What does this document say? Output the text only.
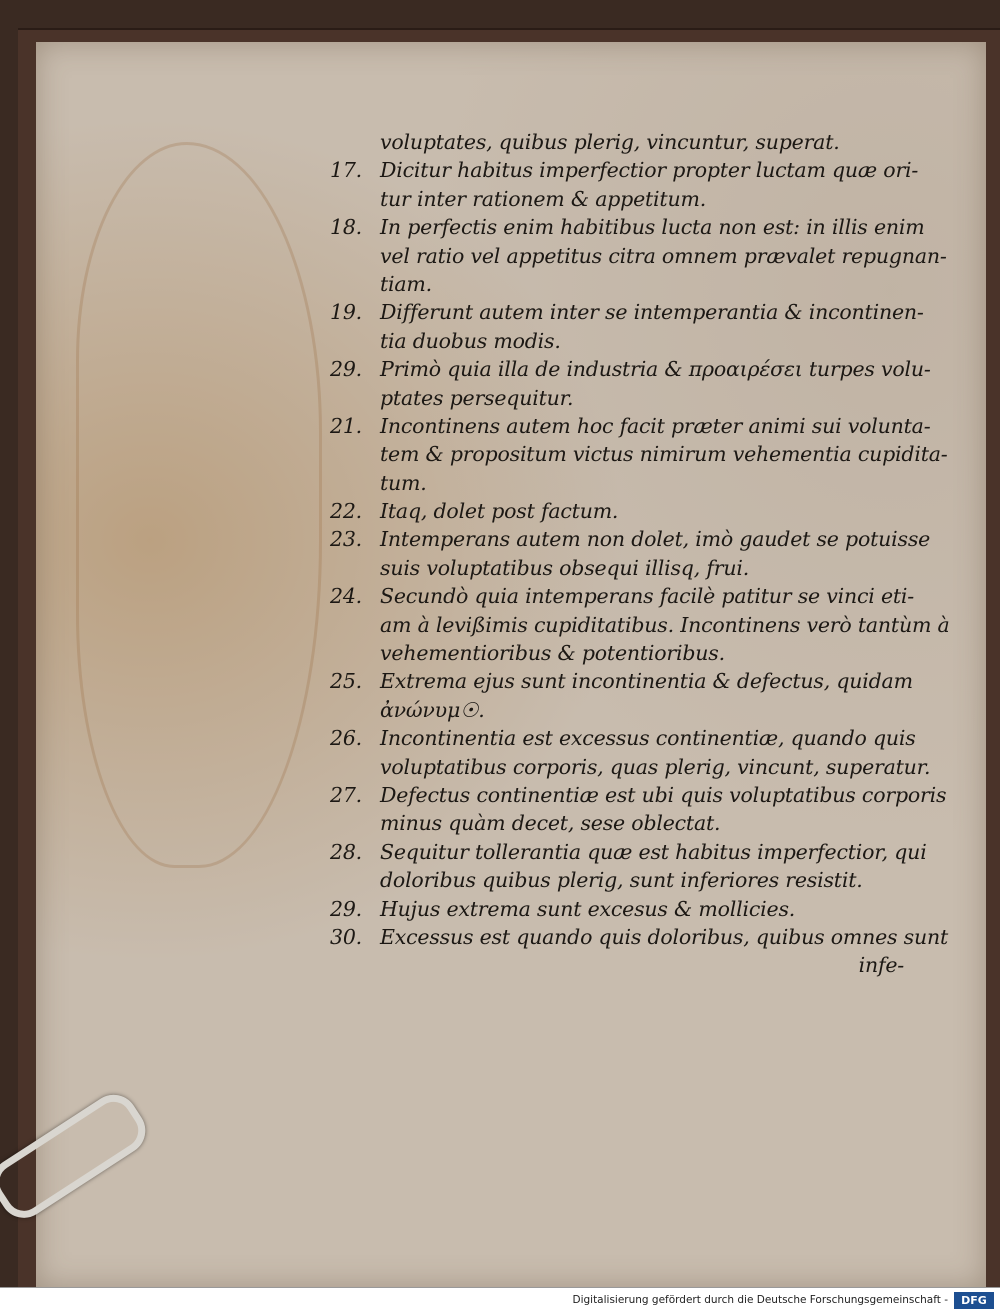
voluptates, quibus plerig, vincuntur, superat.
17. Dicitur habitus imperfectior propter luctam quæ ori-
tur inter rationem & appetitum.
18. In perfectis enim habitibus lucta non est: in illis enim
vel ratio vel appetitus citra omnem prævalet repugnan-
tiam.
19. Differunt autem inter se intemperantia & incontinen-
tia duobus modis.
29. Primò quia illa de industria & προαιρέσει turpes volu-
ptates persequitur.
21. Incontinens autem hoc facit præter animi sui volunta-
tem & propositum victus nimirum vehementia cupidita-
tum.
22. Itaq, dolet post factum.
23. Intemperans autem non dolet, imò gaudet se potuisse
suis voluptatibus obsequi illisq, frui.
24. Secundò quia intemperans facilè patitur se vinci eti-
am à levißimis cupiditatibus. Incontinens verò tantùm à
vehementioribus & potentioribus.
25. Extrema ejus sunt incontinentia & defectus, quidam
ἀνώνυμ☉.
26. Incontinentia est excessus continentiæ, quando quis
voluptatibus corporis, quas plerig, vincunt, superatur.
27. Defectus continentiæ est ubi quis voluptatibus corporis
minus quàm decet, sese oblectat.
28. Sequitur tollerantia quæ est habitus imperfectior, qui
doloribus quibus plerig, sunt inferiores resistit.
29. Hujus extrema sunt excesus & mollicies.
30. Excessus est quando quis doloribus, quibus omnes sunt
infe-
Digitalisierung gefördert durch die Deutsche Forschungsgemeinschaft -	DFG
